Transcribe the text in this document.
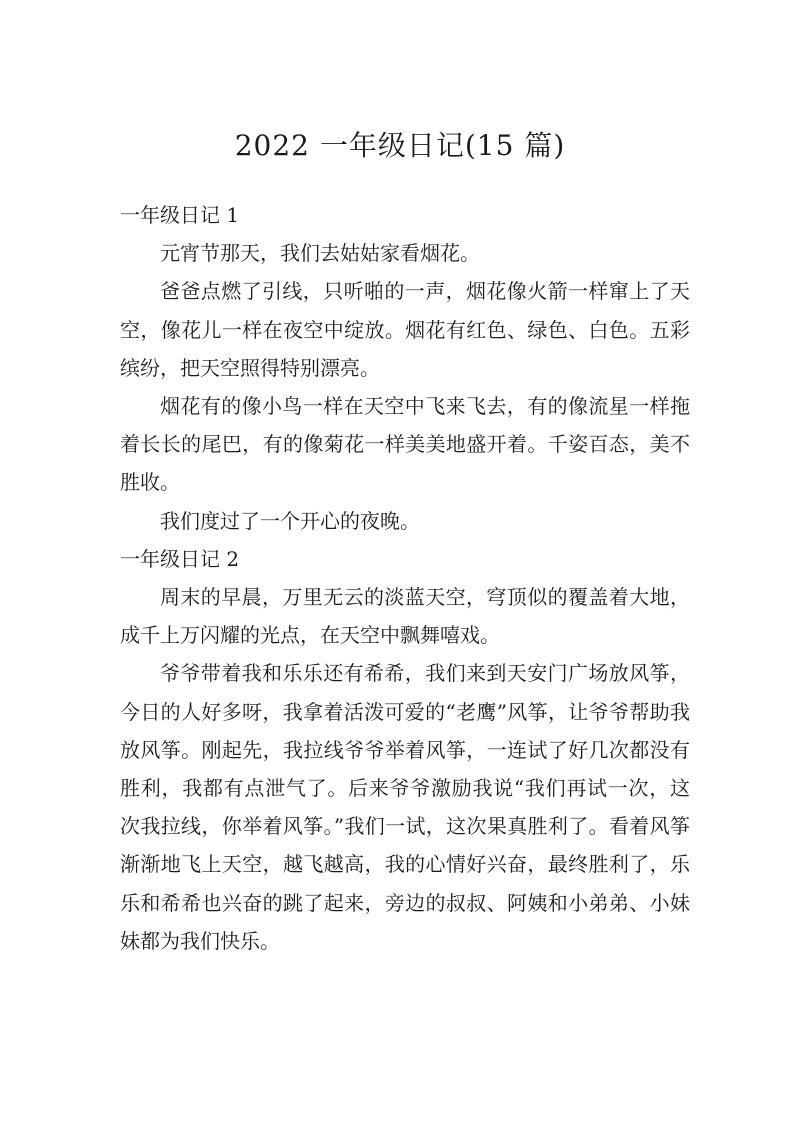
2022 一年级日记(15 篇)

一年级日记 1

元宵节那天，我们去姑姑家看烟花。

爸爸点燃了引线，只听啪的一声，烟花像火箭一样窜上了天空，像花儿一样在夜空中绽放。烟花有红色、绿色、白色。五彩缤纷，把天空照得特别漂亮。

烟花有的像小鸟一样在天空中飞来飞去，有的像流星一样拖着长长的尾巴，有的像菊花一样美美地盛开着。千姿百态，美不胜收。

我们度过了一个开心的夜晚。

一年级日记 2

周末的早晨，万里无云的淡蓝天空，穹顶似的覆盖着大地，成千上万闪耀的光点，在天空中飘舞嘻戏。

爷爷带着我和乐乐还有希希，我们来到天安门广场放风筝，今日的人好多呀，我拿着活泼可爱的“老鹰”风筝，让爷爷帮助我放风筝。刚起先，我拉线爷爷举着风筝，一连试了好几次都没有胜利，我都有点泄气了。后来爷爷激励我说“我们再试一次，这次我拉线，你举着风筝。”我们一试，这次果真胜利了。看着风筝渐渐地飞上天空，越飞越高，我的心情好兴奋，最终胜利了，乐乐和希希也兴奋的跳了起来，旁边的叔叔、阿姨和小弟弟、小妹妹都为我们快乐。
